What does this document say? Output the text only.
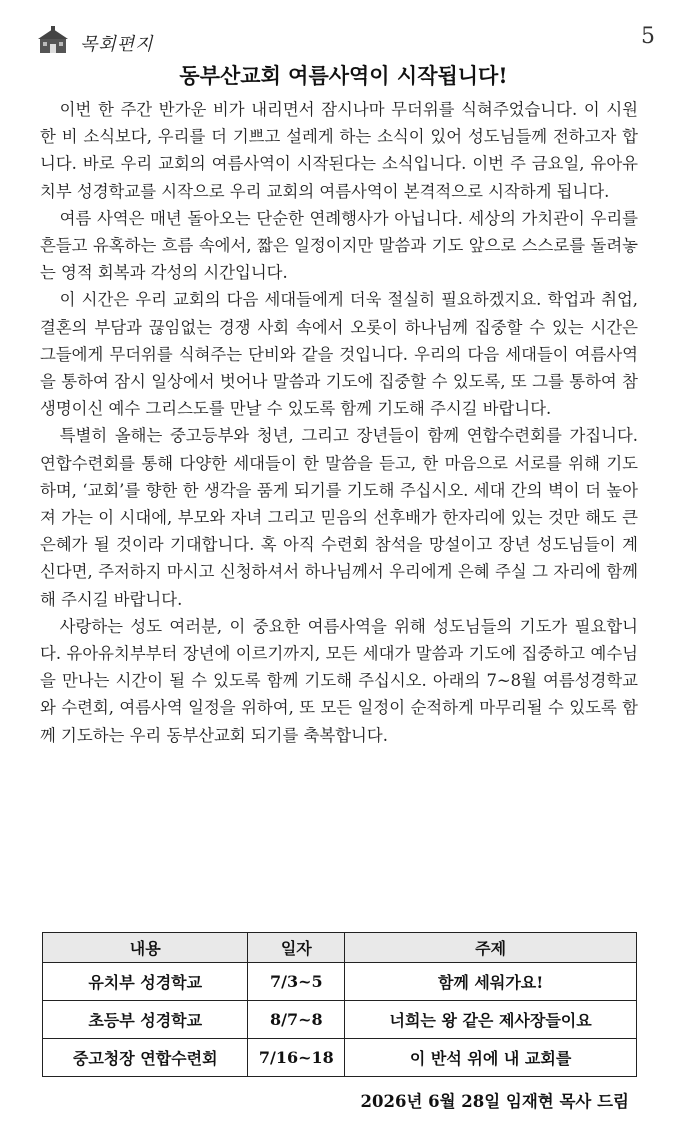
목회편지	5
동부산교회 여름사역이 시작됩니다!

이번 한 주간 반가운 비가 내리면서 잠시나마 무더위를 식혀주었습니다. 이 시원한 비 소식보다, 우리를 더 기쁘고 설레게 하는 소식이 있어 성도님들께 전하고자 합니다. 바로 우리 교회의 여름사역이 시작된다는 소식입니다. 이번 주 금요일, 유아유치부 성경학교를 시작으로 우리 교회의 여름사역이 본격적으로 시작하게 됩니다.

여름 사역은 매년 돌아오는 단순한 연례행사가 아닙니다. 세상의 가치관이 우리를 흔들고 유혹하는 흐름 속에서, 짧은 일정이지만 말씀과 기도 앞으로 스스로를 돌려놓는 영적 회복과 각성의 시간입니다.

이 시간은 우리 교회의 다음 세대들에게 더욱 절실히 필요하겠지요. 학업과 취업, 결혼의 부담과 끊임없는 경쟁 사회 속에서 오롯이 하나님께 집중할 수 있는 시간은 그들에게 무더위를 식혀주는 단비와 같을 것입니다. 우리의 다음 세대들이 여름사역을 통하여 잠시 일상에서 벗어나 말씀과 기도에 집중할 수 있도록, 또 그를 통하여 참 생명이신 예수 그리스도를 만날 수 있도록 함께 기도해 주시길 바랍니다.

특별히 올해는 중고등부와 청년, 그리고 장년들이 함께 연합수련회를 가집니다. 연합수련회를 통해 다양한 세대들이 한 말씀을 듣고, 한 마음으로 서로를 위해 기도하며, ‘교회’를 향한 한 생각을 품게 되기를 기도해 주십시오. 세대 간의 벽이 더 높아져 가는 이 시대에, 부모와 자녀 그리고 믿음의 선후배가 한자리에 있는 것만 해도 큰 은혜가 될 것이라 기대합니다. 혹 아직 수련회 참석을 망설이고 장년 성도님들이 계신다면, 주저하지 마시고 신청하셔서 하나님께서 우리에게 은혜 주실 그 자리에 함께해 주시길 바랍니다.

사랑하는 성도 여러분, 이 중요한 여름사역을 위해 성도님들의 기도가 필요합니다. 유아유치부부터 장년에 이르기까지, 모든 세대가 말씀과 기도에 집중하고 예수님을 만나는 시간이 될 수 있도록 함께 기도해 주십시오. 아래의 7~8월 여름성경학교와 수련회, 여름사역 일정을 위하여, 또 모든 일정이 순적하게 마무리될 수 있도록 함께 기도하는 우리 동부산교회 되기를 축복합니다.

내용	일자	주제
유치부 성경학교	7/3~5	함께 세워가요!
초등부 성경학교	8/7~8	너희는 왕 같은 제사장들이요
중고청장 연합수련회	7/16~18	이 반석 위에 내 교회를
2026년 6월 28일 임재현 목사 드림
